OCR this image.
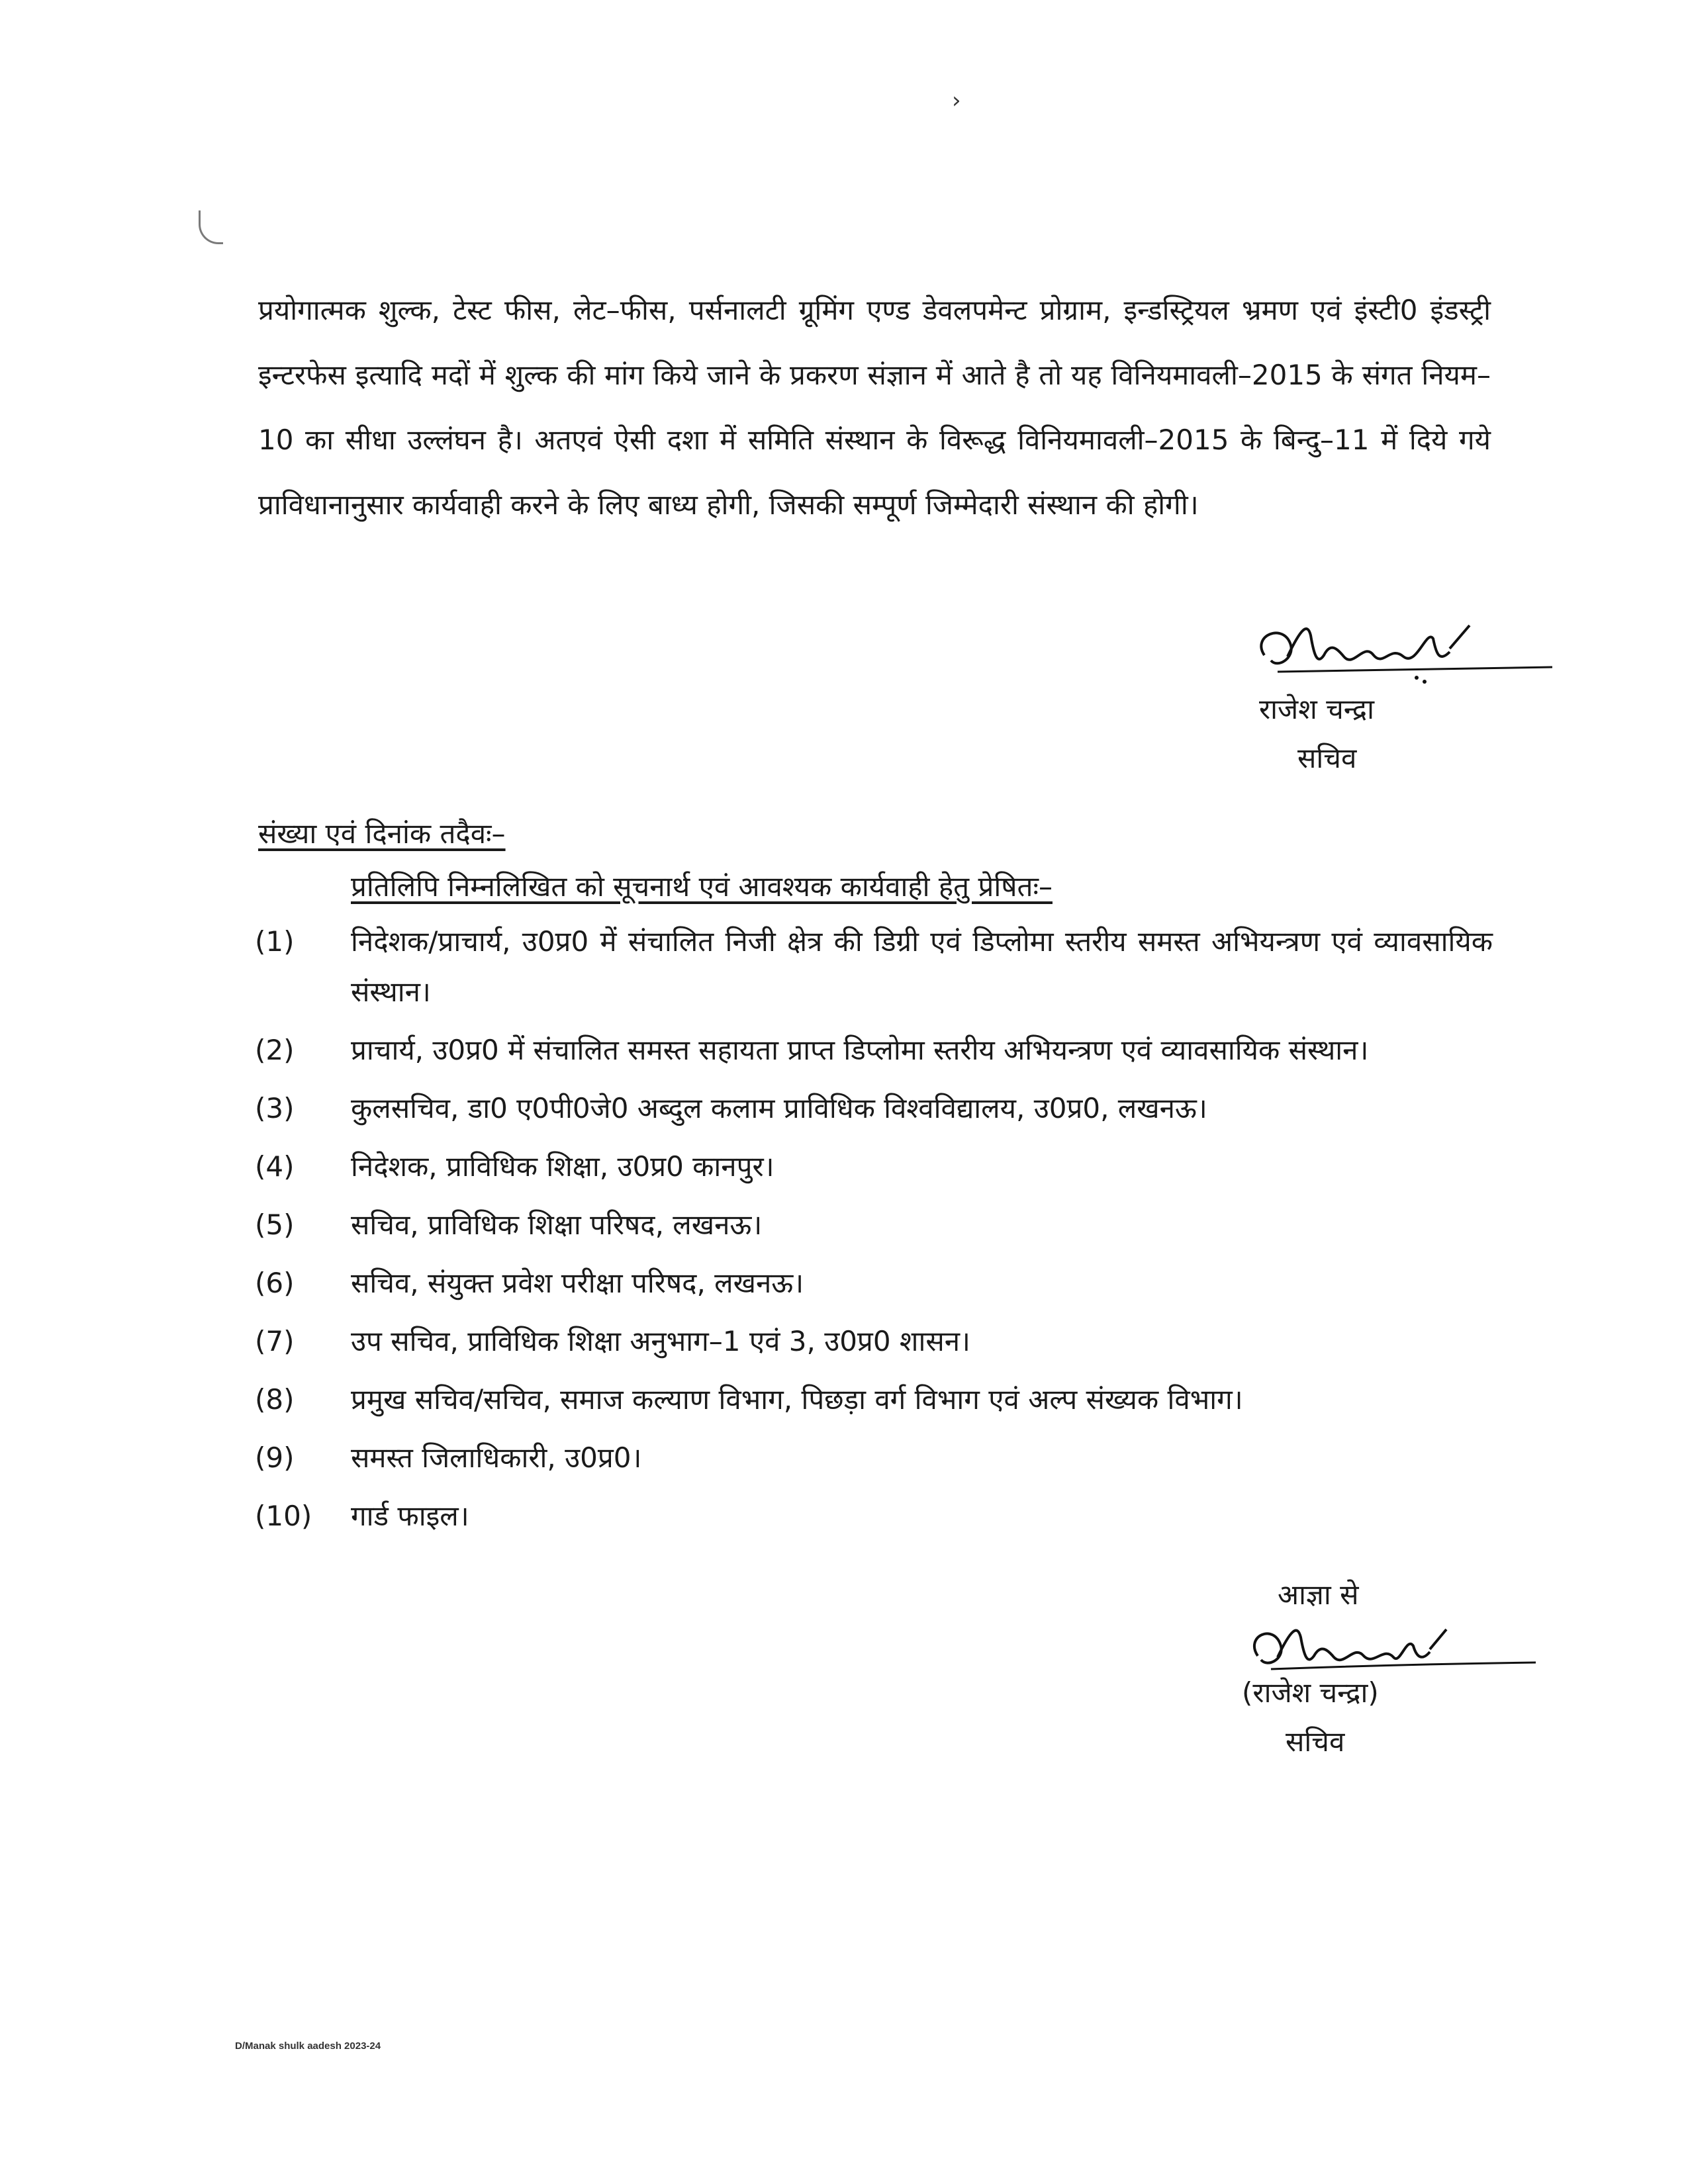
›

प्रयोगात्मक शुल्क, टेस्ट फीस, लेट–फीस, पर्सनालटी ग्रूमिंग एण्ड डेवलपमेन्ट प्रोग्राम, इन्डस्ट्रियल भ्रमण एवं इंस्टी0 इंडस्ट्री इन्टरफेस इत्यादि मदों में शुल्क की मांग किये जाने के प्रकरण संज्ञान में आते है तो यह विनियमावली–2015 के संगत नियम–10 का सीधा उल्लंघन है। अतएवं ऐसी दशा में समिति संस्थान के विरूद्ध विनियमावली–2015 के बिन्दु–11 में दिये गये प्राविधानानुसार कार्यवाही करने के लिए बाध्य होगी, जिसकी सम्पूर्ण जिम्मेदारी संस्थान की होगी।

राजेश चन्द्रा
सचिव
संख्या एवं दिनांक तदैवः–
प्रतिलिपि निम्नलिखित को सूचनार्थ एवं आवश्यक कार्यवाही हेतु प्रेषितः–
(1) निदेशक/प्राचार्य, उ0प्र0 में संचालित निजी क्षेत्र की डिग्री एवं डिप्लोमा स्तरीय समस्त अभियन्त्रण एवं व्यावसायिक संस्थान।
(2) प्राचार्य, उ0प्र0 में संचालित समस्त सहायता प्राप्त डिप्लोमा स्तरीय अभियन्त्रण एवं व्यावसायिक संस्थान।
(3) कुलसचिव, डा0 ए0पी0जे0 अब्दुल कलाम प्राविधिक विश्वविद्यालय, उ0प्र0, लखनऊ।
(4) निदेशक, प्राविधिक शिक्षा, उ0प्र0 कानपुर।
(5) सचिव, प्राविधिक शिक्षा परिषद, लखनऊ।
(6) सचिव, संयुक्त प्रवेश परीक्षा परिषद, लखनऊ।
(7) उप सचिव, प्राविधिक शिक्षा अनुभाग–1 एवं 3, उ0प्र0 शासन।
(8) प्रमुख सचिव/सचिव, समाज कल्याण विभाग, पिछड़ा वर्ग विभाग एवं अल्प संख्यक विभाग।
(9) समस्त जिलाधिकारी, उ0प्र0।
(10) गार्ड फाइल।
आज्ञा से
(राजेश चन्द्रा)
सचिव
D/Manak shulk aadesh 2023-24
